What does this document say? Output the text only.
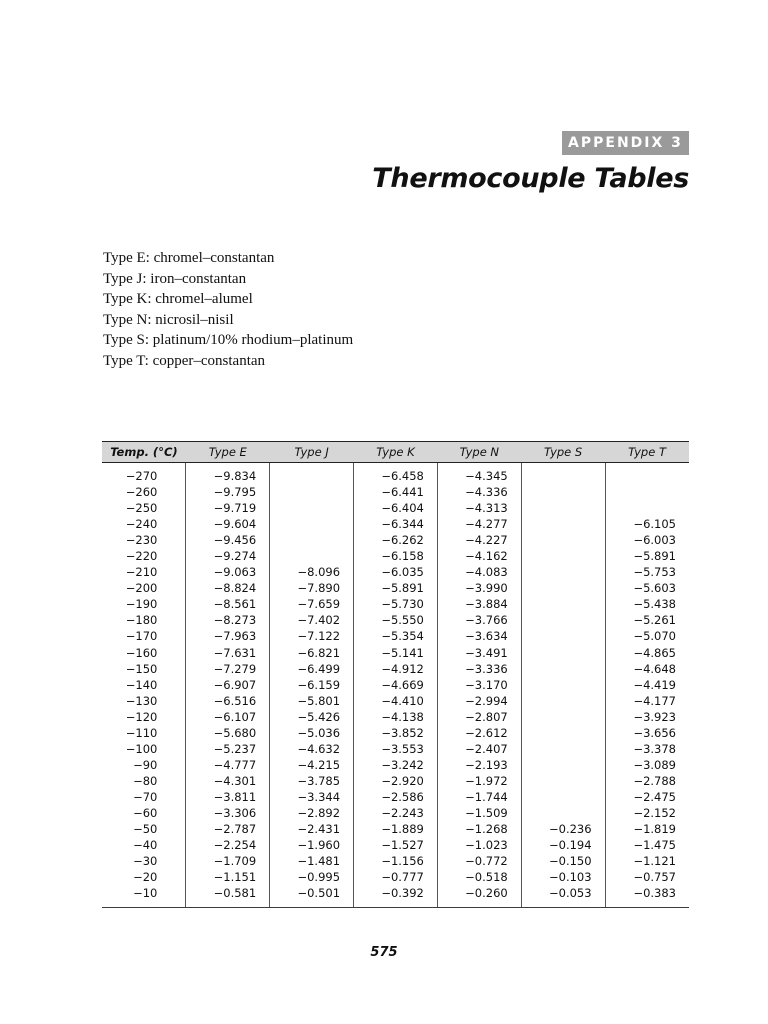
APPENDIX 3
Thermocouple Tables
Type E: chromel–constantan
Type J: iron–constantan
Type K: chromel–alumel
Type N: nicrosil–nisil
Type S: platinum/10% rhodium–platinum
Type T: copper–constantan
Temp. (°C)	Type E	Type J	Type K	Type N	Type S	Type T
−270	−9.834		−6.458	−4.345		
−260	−9.795		−6.441	−4.336		
−250	−9.719		−6.404	−4.313		
−240	−9.604		−6.344	−4.277		−6.105
−230	−9.456		−6.262	−4.227		−6.003
−220	−9.274		−6.158	−4.162		−5.891
−210	−9.063	−8.096	−6.035	−4.083		−5.753
−200	−8.824	−7.890	−5.891	−3.990		−5.603
−190	−8.561	−7.659	−5.730	−3.884		−5.438
−180	−8.273	−7.402	−5.550	−3.766		−5.261
−170	−7.963	−7.122	−5.354	−3.634		−5.070
−160	−7.631	−6.821	−5.141	−3.491		−4.865
−150	−7.279	−6.499	−4.912	−3.336		−4.648
−140	−6.907	−6.159	−4.669	−3.170		−4.419
−130	−6.516	−5.801	−4.410	−2.994		−4.177
−120	−6.107	−5.426	−4.138	−2.807		−3.923
−110	−5.680	−5.036	−3.852	−2.612		−3.656
−100	−5.237	−4.632	−3.553	−2.407		−3.378
−90	−4.777	−4.215	−3.242	−2.193		−3.089
−80	−4.301	−3.785	−2.920	−1.972		−2.788
−70	−3.811	−3.344	−2.586	−1.744		−2.475
−60	−3.306	−2.892	−2.243	−1.509		−2.152
−50	−2.787	−2.431	−1.889	−1.268	−0.236	−1.819
−40	−2.254	−1.960	−1.527	−1.023	−0.194	−1.475
−30	−1.709	−1.481	−1.156	−0.772	−0.150	−1.121
−20	−1.151	−0.995	−0.777	−0.518	−0.103	−0.757
−10	−0.581	−0.501	−0.392	−0.260	−0.053	−0.383
575
